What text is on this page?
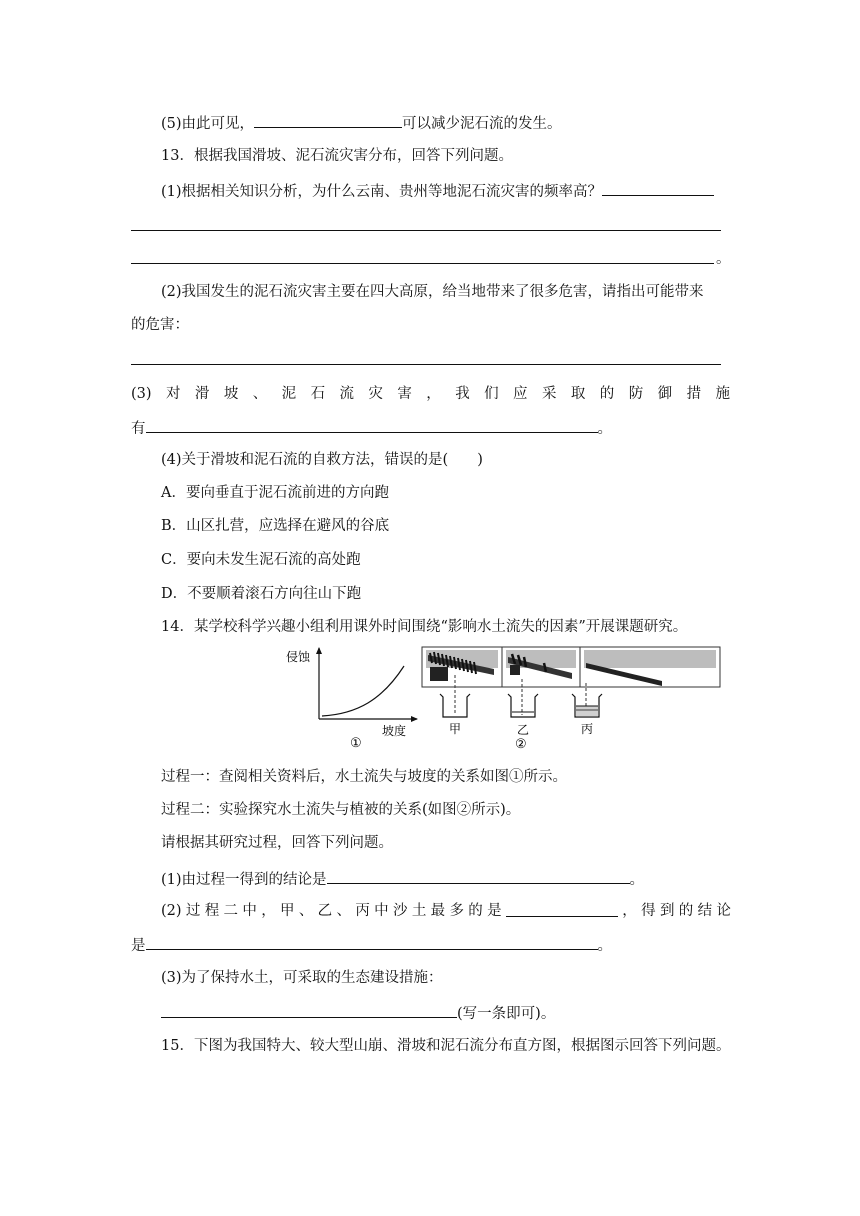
(5)由此可见，	可以减少泥石流的发生。
13．根据我国滑坡、泥石流灾害分布，回答下列问题。
(1)根据相关知识分析，为什么云南、贵州等地泥石流灾害的频率高？
。
(2)我国发生的泥石流灾害主要在四大高原，给当地带来了很多危害，请指出可能带来
的危害：
(3) 对 滑 坡 、 泥 石 流 灾 害 ， 我 们 应 采 取 的 防 御 措 施
有	。
(4)关于滑坡和泥石流的自救方法，错误的是(　　)
A．要向垂直于泥石流前进的方向跑
B．山区扎营，应选择在避风的谷底
C．要向未发生泥石流的高处跑
D．不要顺着滚石方向往山下跑
14．某学校科学兴趣小组利用课外时间围绕“影响水土流失的因素”开展课题研究。
侵蚀
坡度
①
甲	乙	丙
②
过程一：查阅相关资料后，水土流失与坡度的关系如图①所示。
过程二：实验探究水土流失与植被的关系(如图②所示)。
请根据其研究过程，回答下列问题。
(1)由过程一得到的结论是	。
(2) 过 程 二 中 ， 甲 、 乙 、 丙 中 沙 土 最 多 的 是	， 得 到 的 结 论
是	。
(3)为了保持水土，可采取的生态建设措施：
(写一条即可)。
15．下图为我国特大、较大型山崩、滑坡和泥石流分布直方图，根据图示回答下列问题。
